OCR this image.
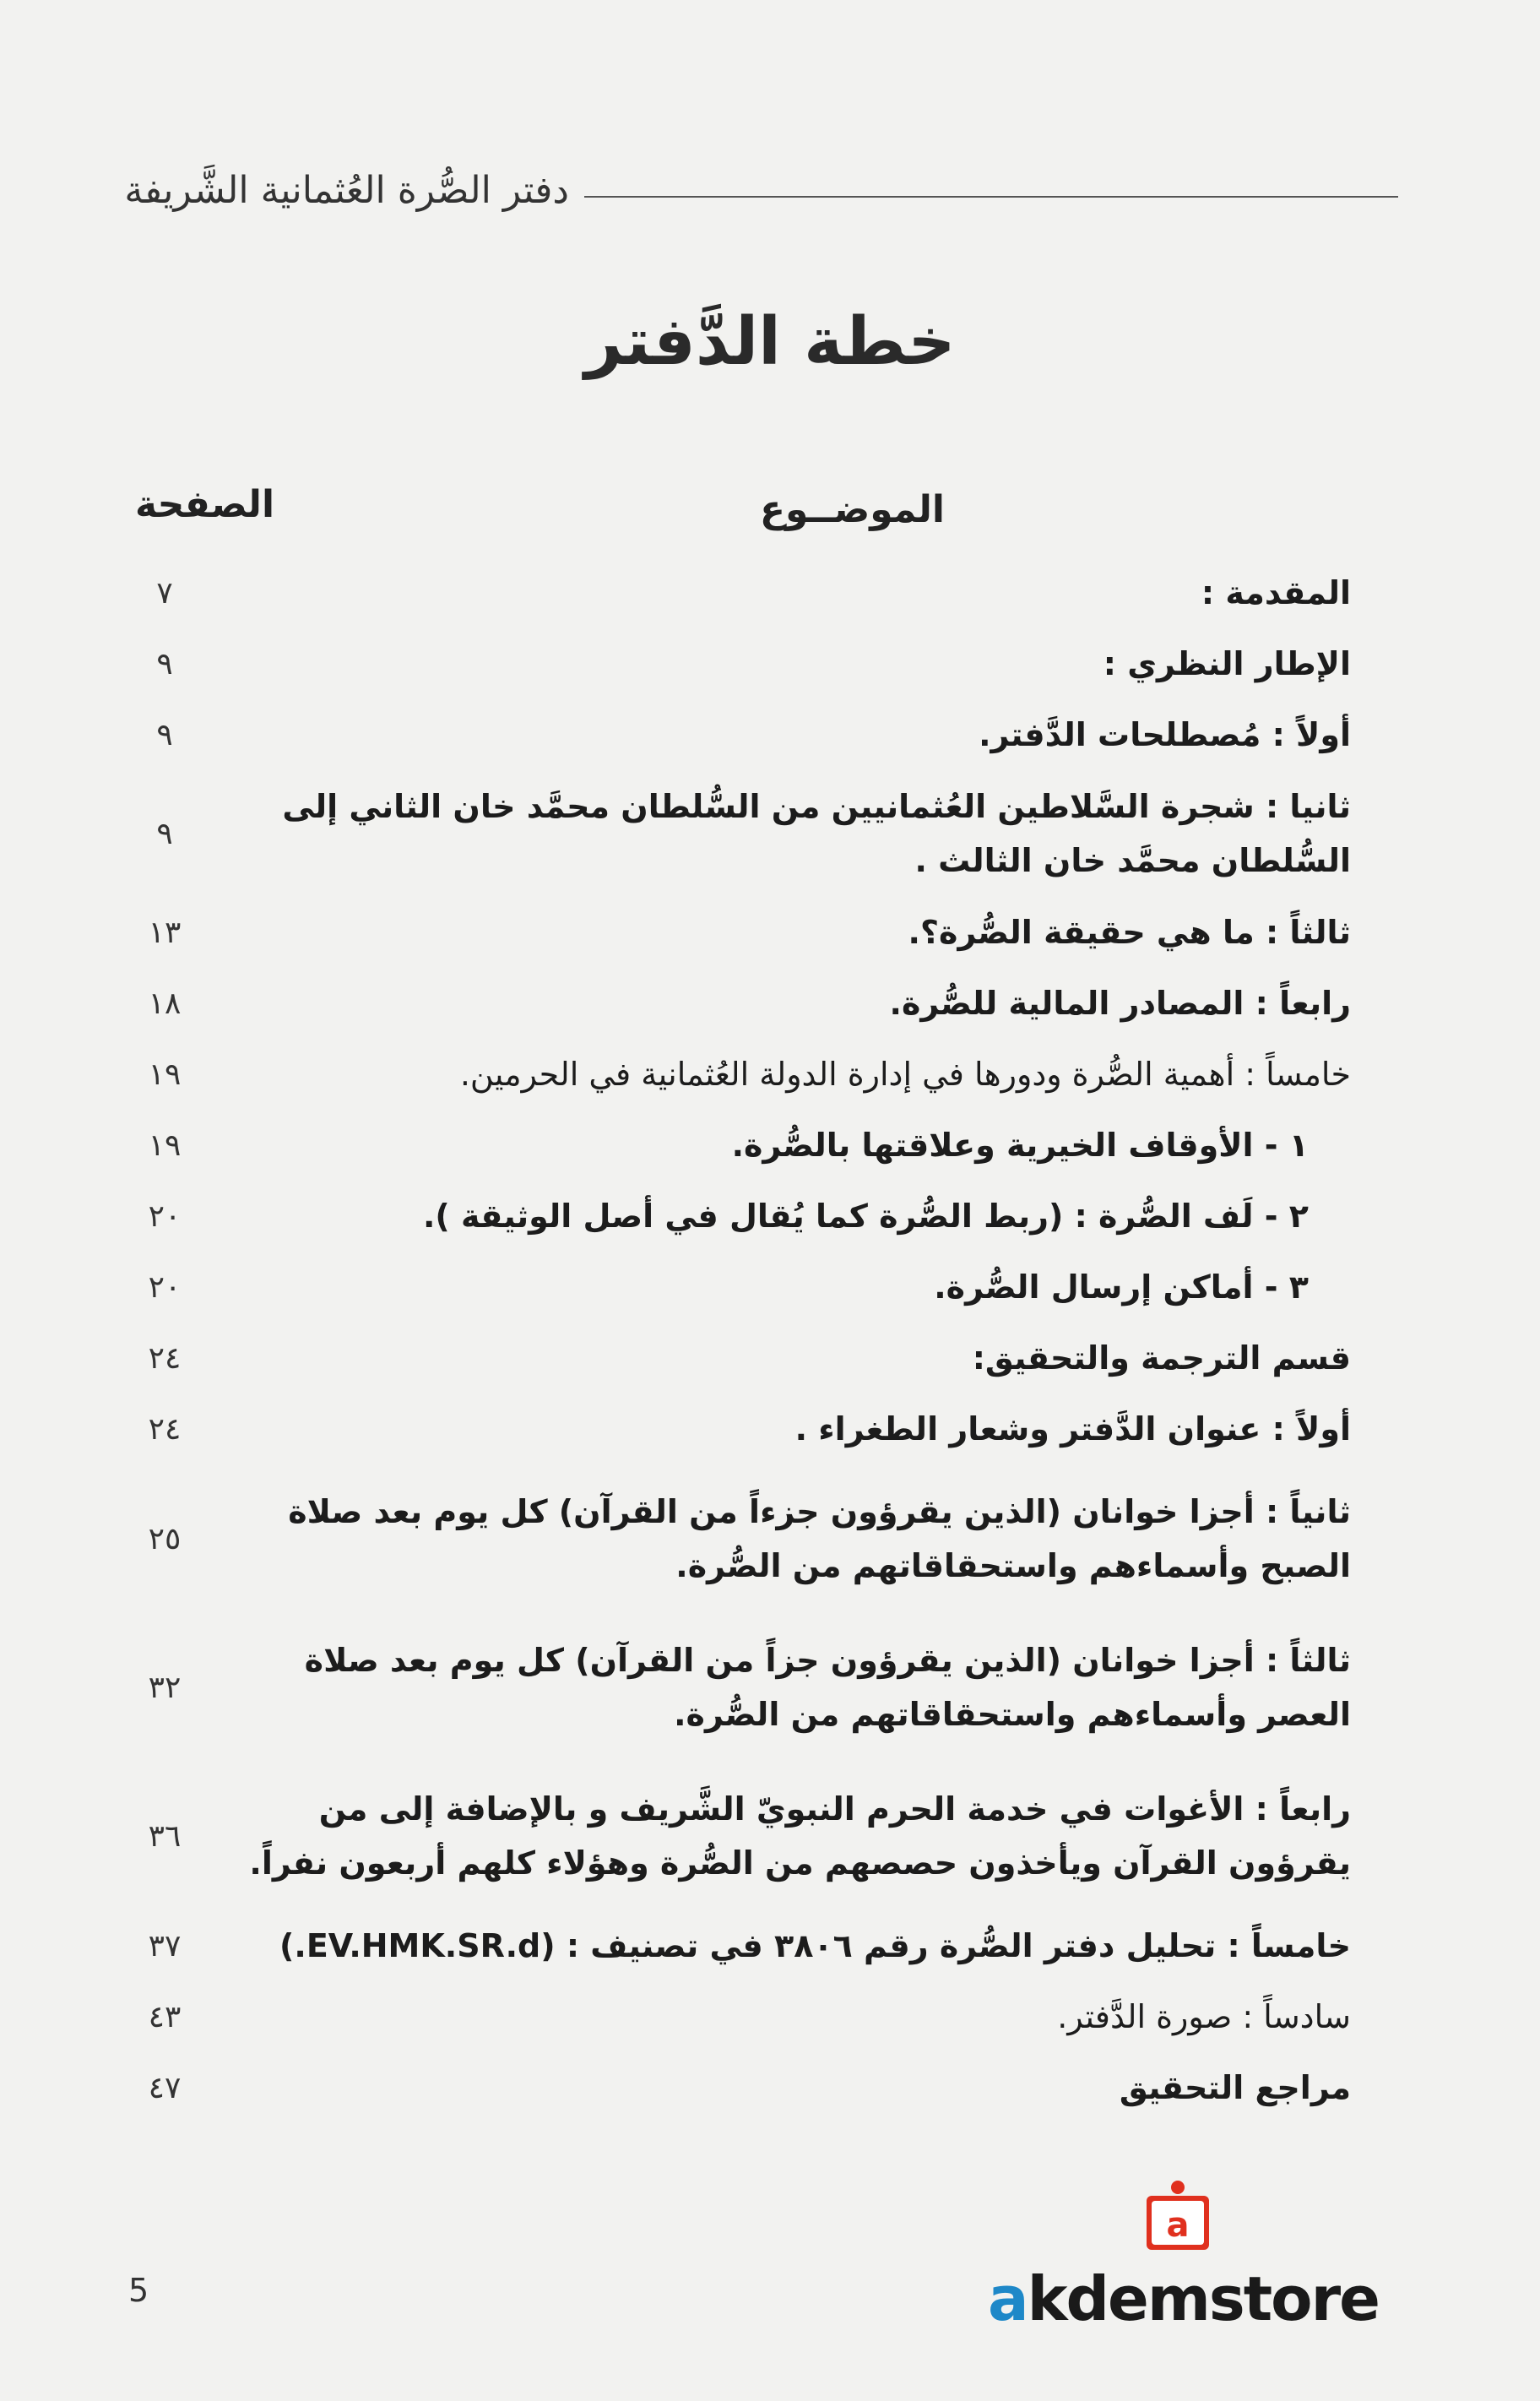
دفتر الصُّرة العُثمانية الشَّريفة
خطة الدَّفتر
الموضــوع
الصفحة
المقدمة :
٧
الإطار النظري :
٩
أولاً : مُصطلحات الدَّفتر.
٩
ثانيا : شجرة السَّلاطين العُثمانيين من السُّلطان محمَّد خان الثاني إلى السُّلطان محمَّد خان الثالث .
٩
ثالثاً : ما هي حقيقة الصُّرة؟.
١٣
رابعاً : المصادر المالية للصُّرة.
١٨
خامساً : أهمية الصُّرة ودورها في إدارة الدولة العُثمانية في الحرمين.
١٩
١ - الأوقاف الخيرية وعلاقتها بالصُّرة.
١٩
٢ - لَف الصُّرة : (ربط الصُّرة كما يُقال في أصل الوثيقة ).
٢٠
٣ - أماكن إرسال الصُّرة.
٢٠
قسم الترجمة والتحقيق:
٢٤
أولاً : عنوان الدَّفتر وشعار الطغراء .
٢٤
ثانياً : أجزا خوانان (الذين يقرؤون جزءاً من القرآن) كل يوم بعد صلاة الصبح وأسماءهم واستحقاقاتهم من الصُّرة.
٢٥
ثالثاً : أجزا خوانان (الذين يقرؤون جزاً من القرآن) كل يوم بعد صلاة العصر وأسماءهم واستحقاقاتهم من الصُّرة.
٣٢
رابعاً : الأغوات في خدمة الحرم النبويّ الشَّريف و بالإضافة إلى من يقرؤون القرآن ويأخذون حصصهم من الصُّرة وهؤلاء كلهم أربعون نفراً.
٣٦
خامساً : تحليل دفتر الصُّرة رقم ٣٨٠٦ في تصنيف : (EV.HMK.SR.d.)
٣٧
سادساً : صورة الدَّفتر.
٤٣
مراجع التحقيق
٤٧
5
a
akdemstore
